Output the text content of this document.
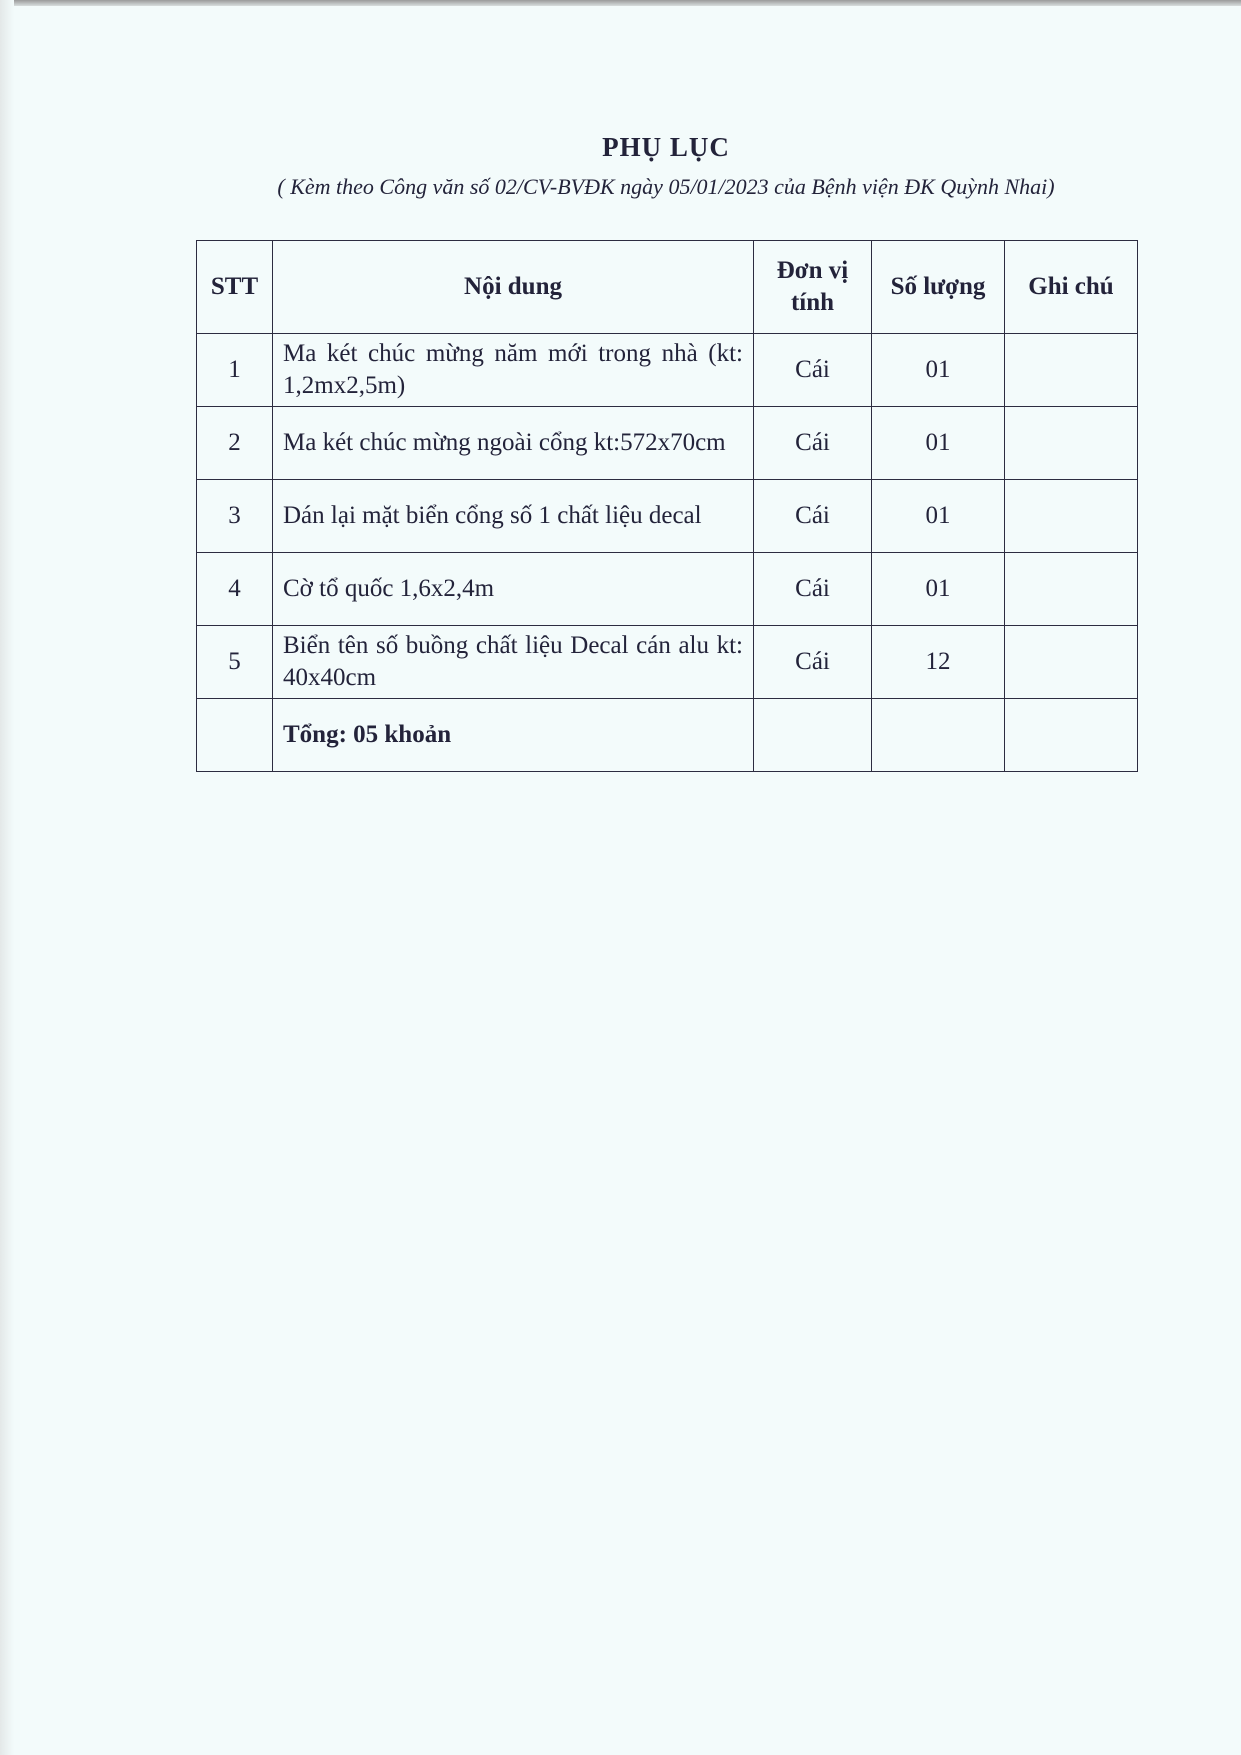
PHỤ LỤC
( Kèm theo Công văn số 02/CV-BVĐK ngày 05/01/2023 của Bệnh viện ĐK Quỳnh Nhai)
STT	Nội dung	Đơn vị tính	Số lượng	Ghi chú
1	Ma két chúc mừng năm mới trong nhà (kt: 1,2mx2,5m)	Cái	01	
2	Ma két chúc mừng ngoài cổng kt:572x70cm	Cái	01	
3	Dán lại mặt biển cổng số 1 chất liệu decal	Cái	01	
4	Cờ tổ quốc 1,6x2,4m	Cái	01	
5	Biển tên số buồng chất liệu Decal cán alu kt: 40x40cm	Cái	12	
	Tổng: 05 khoản			
